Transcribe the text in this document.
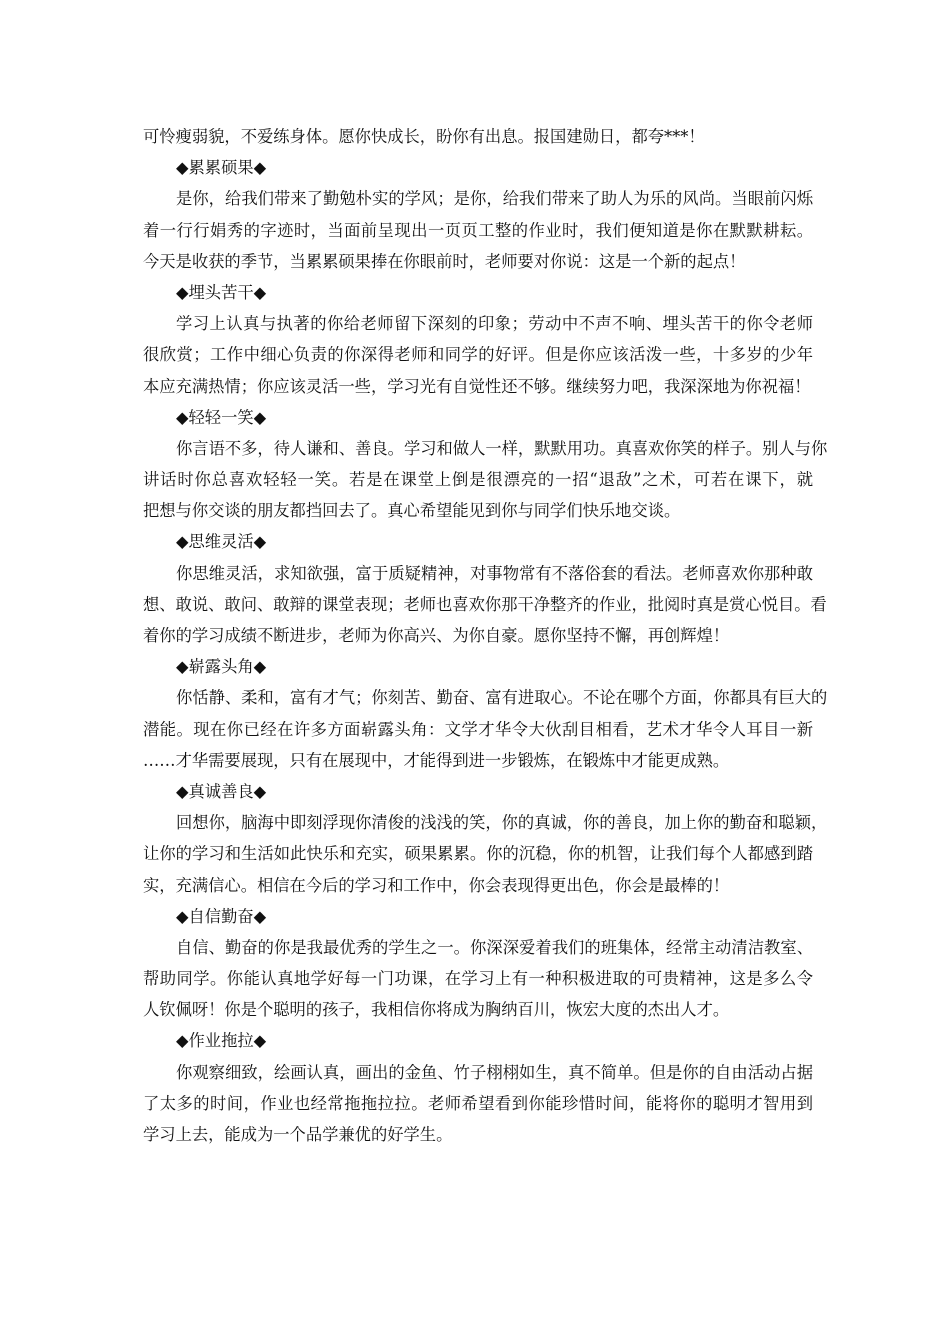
可怜瘦弱貌，不爱练身体。愿你快成长，盼你有出息。报国建勋日，都夸***！
◆累累硕果◆
是你，给我们带来了勤勉朴实的学风；是你，给我们带来了助人为乐的风尚。当眼前闪烁
着一行行娟秀的字迹时，当面前呈现出一页页工整的作业时，我们便知道是你在默默耕耘。
今天是收获的季节，当累累硕果捧在你眼前时，老师要对你说：这是一个新的起点！
◆埋头苦干◆
学习上认真与执著的你给老师留下深刻的印象；劳动中不声不响、埋头苦干的你令老师
很欣赏；工作中细心负责的你深得老师和同学的好评。但是你应该活泼一些，十多岁的少年
本应充满热情；你应该灵活一些，学习光有自觉性还不够。继续努力吧，我深深地为你祝福！
◆轻轻一笑◆
你言语不多，待人谦和、善良。学习和做人一样，默默用功。真喜欢你笑的样子。别人与你
讲话时你总喜欢轻轻一笑。若是在课堂上倒是很漂亮的一招“退敌”之术，可若在课下，就
把想与你交谈的朋友都挡回去了。真心希望能见到你与同学们快乐地交谈。
◆思维灵活◆
你思维灵活，求知欲强，富于质疑精神，对事物常有不落俗套的看法。老师喜欢你那种敢
想、敢说、敢问、敢辩的课堂表现；老师也喜欢你那干净整齐的作业，批阅时真是赏心悦目。看
着你的学习成绩不断进步，老师为你高兴、为你自豪。愿你坚持不懈，再创辉煌！
◆崭露头角◆
你恬静、柔和，富有才气；你刻苦、勤奋、富有进取心。不论在哪个方面，你都具有巨大的
潜能。现在你已经在许多方面崭露头角：文学才华令大伙刮目相看，艺术才华令人耳目一新
……才华需要展现，只有在展现中，才能得到进一步锻炼，在锻炼中才能更成熟。
◆真诚善良◆
回想你，脑海中即刻浮现你清俊的浅浅的笑，你的真诚，你的善良，加上你的勤奋和聪颖，
让你的学习和生活如此快乐和充实，硕果累累。你的沉稳，你的机智，让我们每个人都感到踏
实，充满信心。相信在今后的学习和工作中，你会表现得更出色，你会是最棒的！
◆自信勤奋◆
自信、勤奋的你是我最优秀的学生之一。你深深爱着我们的班集体，经常主动清洁教室、
帮助同学。你能认真地学好每一门功课，在学习上有一种积极进取的可贵精神，这是多么令
人钦佩呀！你是个聪明的孩子，我相信你将成为胸纳百川，恢宏大度的杰出人才。
◆作业拖拉◆
你观察细致，绘画认真，画出的金鱼、竹子栩栩如生，真不简单。但是你的自由活动占据
了太多的时间，作业也经常拖拖拉拉。老师希望看到你能珍惜时间，能将你的聪明才智用到
学习上去，能成为一个品学兼优的好学生。
